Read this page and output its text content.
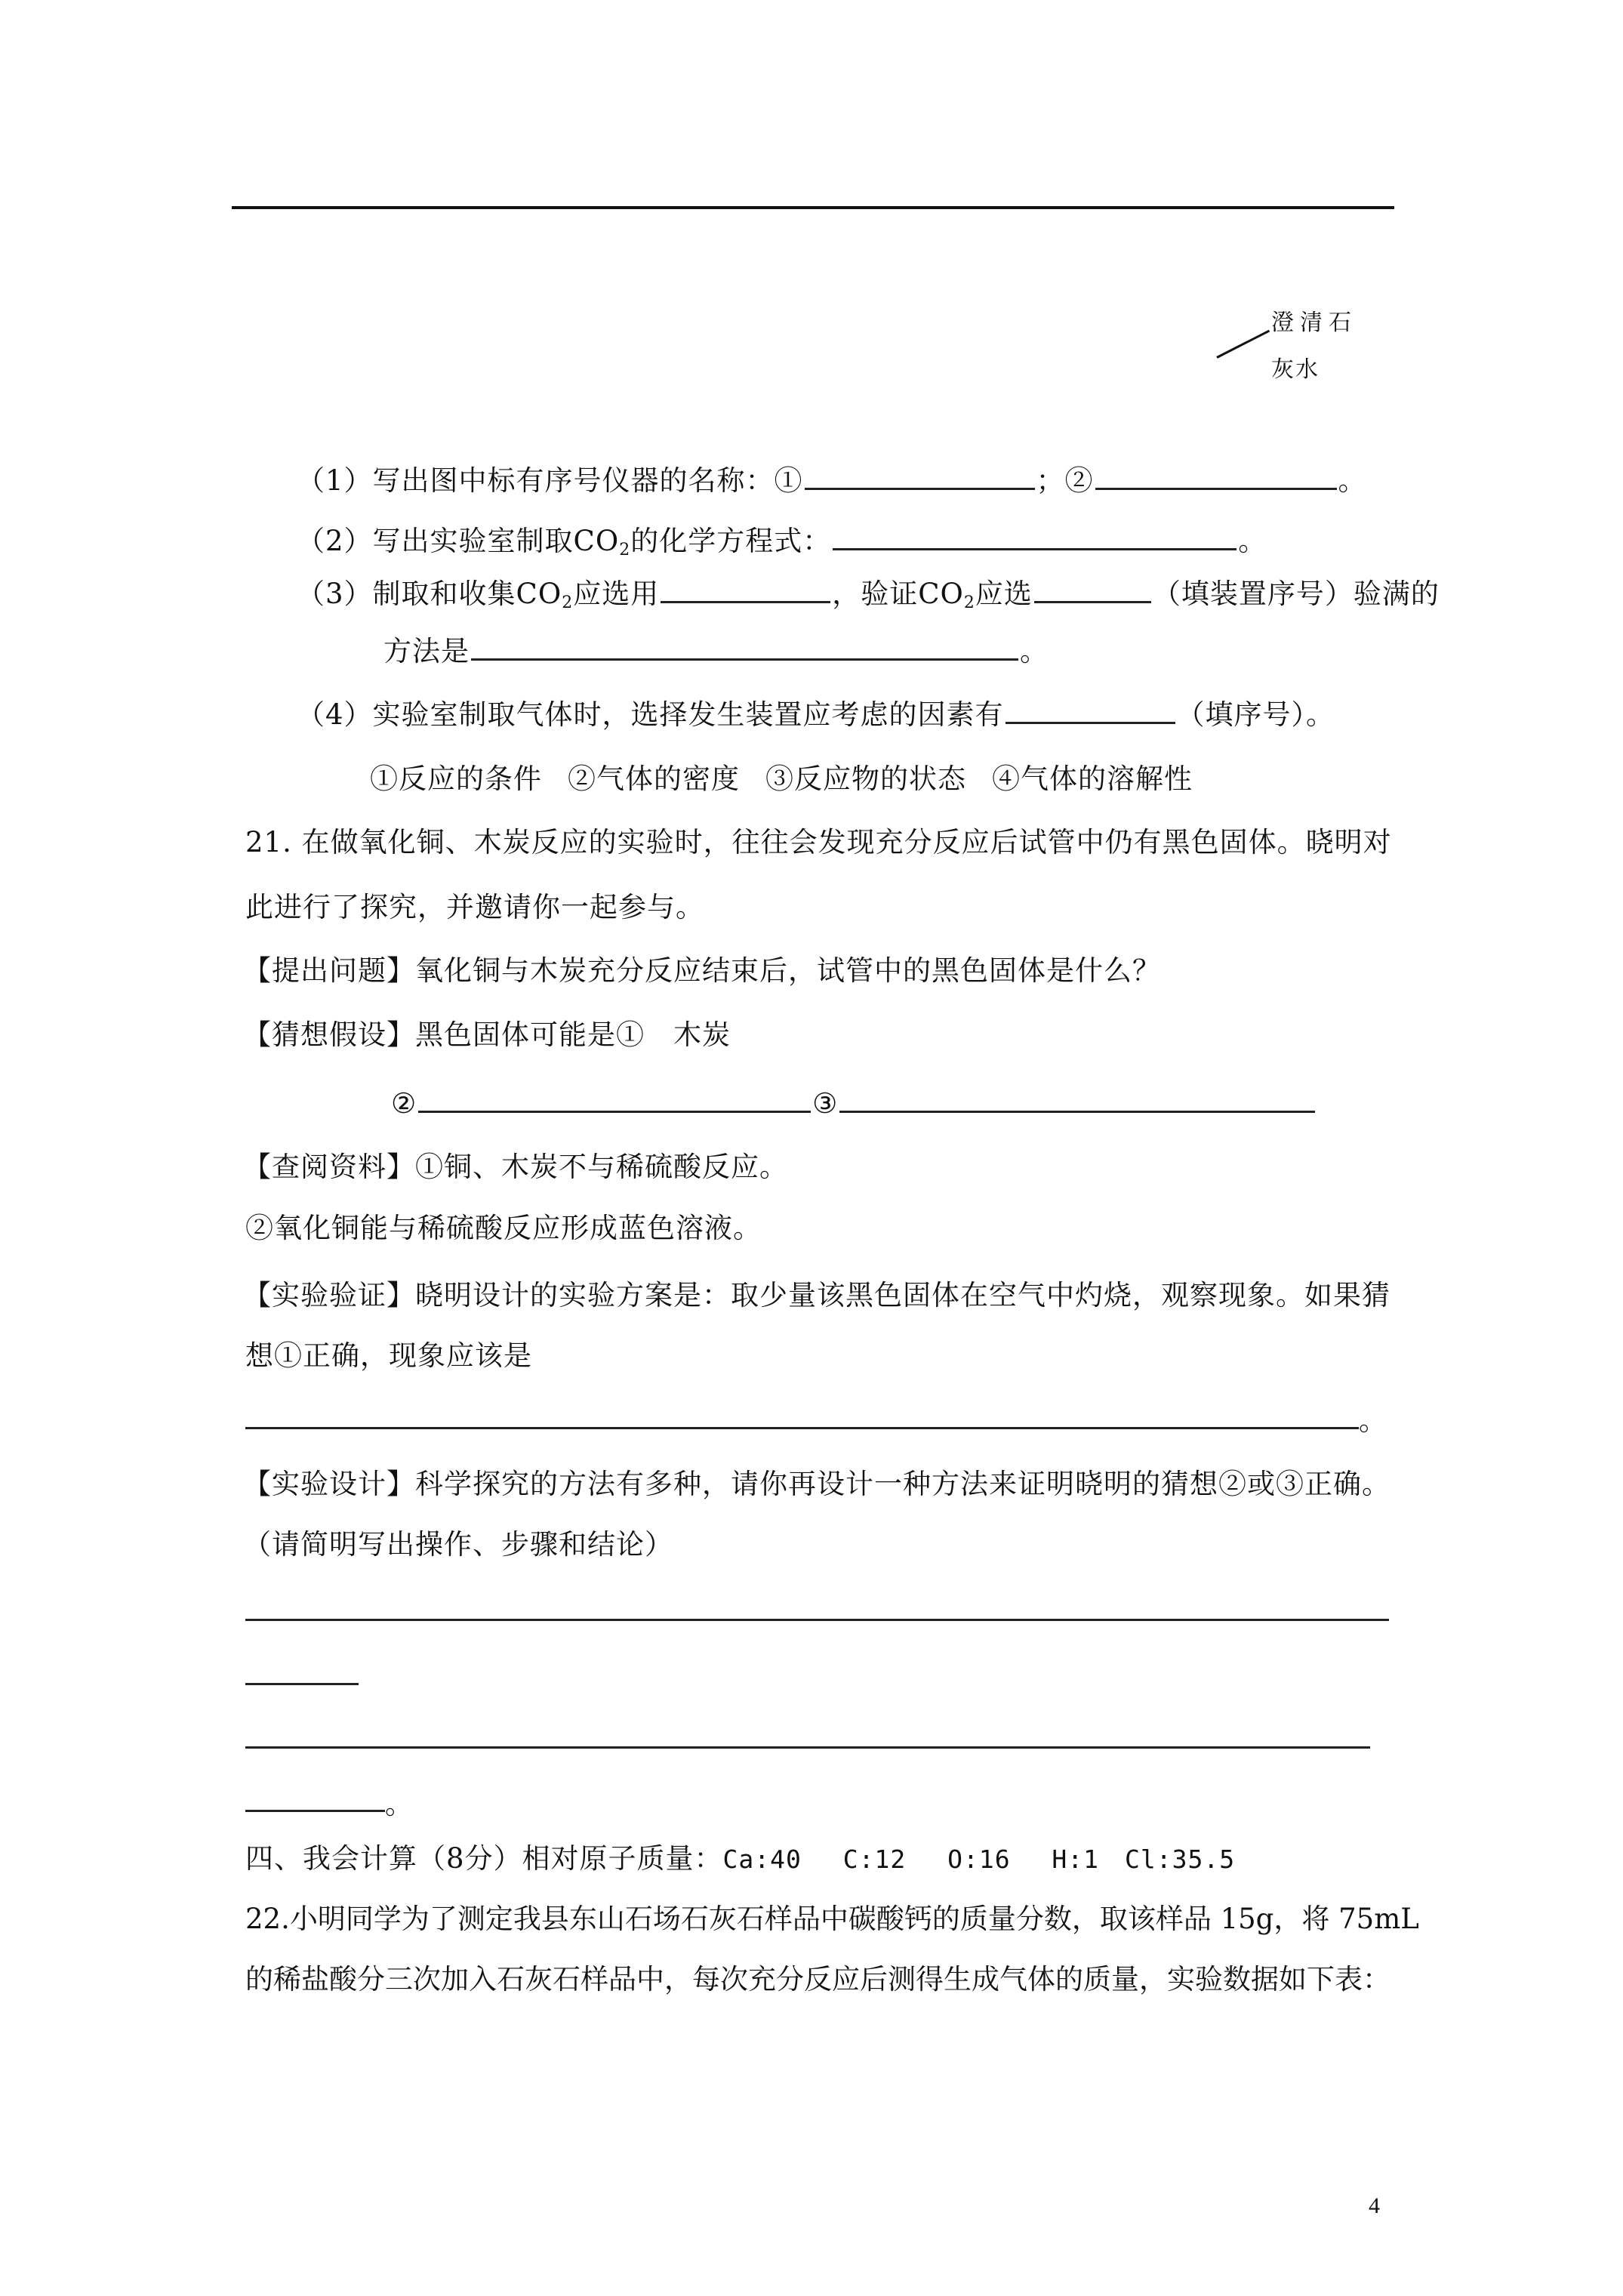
澄清石
灰水
（1）写出图中标有序号仪器的名称：①	；②	。
（2）写出实验室制取$CO_2$的化学方程式：	。
（3）制取和收集$CO_2$应选用	，验证$CO_2$应选	（填装置序号）验满的
方法是	。
（4）实验室制取气体时，选择发生装置应考虑的因素有	（填序号）。
①反应的条件 ②气体的密度 ③反应物的状态 ④气体的溶解性
21. 在做氧化铜、木炭反应的实验时，往往会发现充分反应后试管中仍有黑色固体。晓明对
此进行了探究，并邀请你一起参与。
【提出问题】氧化铜与木炭充分反应结束后，试管中的黑色固体是什么？
【猜想假设】黑色固体可能是①　木炭
②	③
【查阅资料】①铜、木炭不与稀硫酸反应。
②氧化铜能与稀硫酸反应形成蓝色溶液。
【实验验证】晓明设计的实验方案是：取少量该黑色固体在空气中灼烧，观察现象。如果猜
想①正确，现象应该是
。
【实验设计】科学探究的方法有多种，请你再设计一种方法来证明晓明的猜想②或③正确。
（请简明写出操作、步骤和结论）
。
四、我会计算（8分）相对原子质量：Ca:40　 C:12　 O:16　 H:1　Cl:35.5
22.小明同学为了测定我县东山石场石灰石样品中碳酸钙的质量分数，取该样品 15g，将 75mL
的稀盐酸分三次加入石灰石样品中，每次充分反应后测得生成气体的质量，实验数据如下表：
4
